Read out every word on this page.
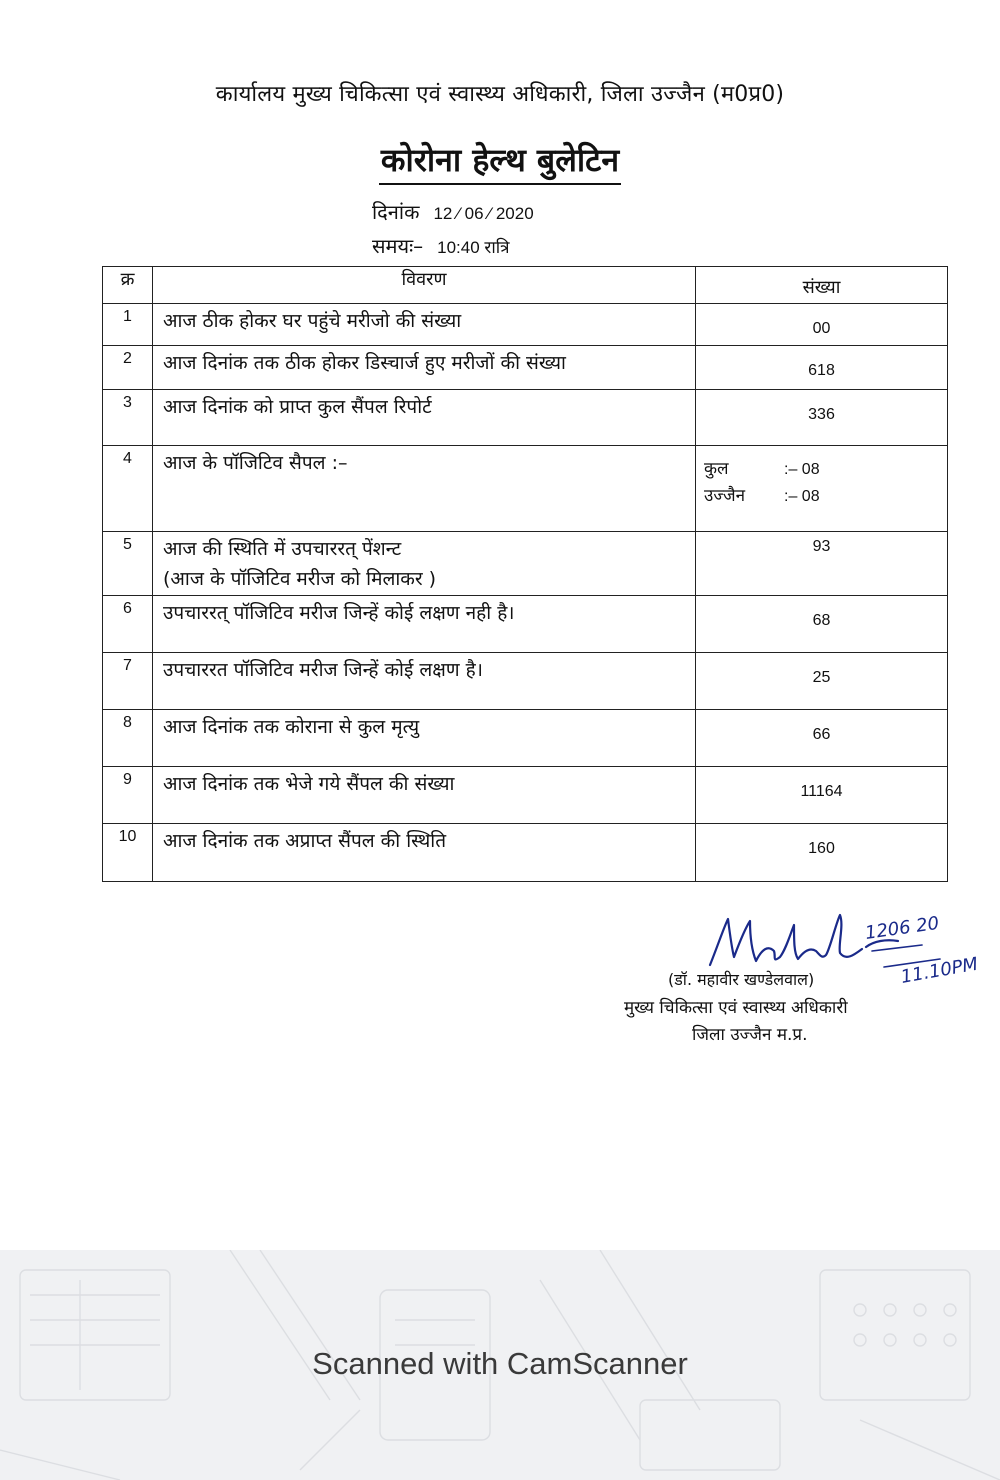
कार्यालय मुख्य चिकित्सा एवं स्वास्थ्य अधिकारी, जिला उज्जैन (म0प्र0)
कोरोना हेल्थ बुलेटिन
दिनांक 12 ⁄ 06 ⁄ 2020
समयः– 10:40 रात्रि
क्र	विवरण	संख्या
1	आज ठीक होकर घर पहुंचे मरीजो की संख्या	00
2	आज दिनांक तक ठीक होकर डिस्चार्ज हुए मरीजों की संख्या	618
3	आज दिनांक को प्राप्त कुल सैंपल रिपोर्ट	336
4	आज के पॉजिटिव सैपल :–	कुल :– 08
उज्जैन :– 08

5	आज की स्थिति में उपचाररत् पेंशन्ट
(आज के पॉजिटिव मरीज को मिलाकर )	93
6	उपचाररत् पॉजिटिव मरीज जिन्हें कोई लक्षण नही है।	68
7	उपचाररत पॉजिटिव मरीज जिन्हें कोई लक्षण है।	25
8	आज दिनांक तक कोराना से कुल मृत्यु	66
9	आज दिनांक तक भेजे गये सैंपल की संख्या	11164
10	आज दिनांक तक अप्राप्त सैंपल की स्थिति	160
1206 20
11.10PM
(डॉ. महावीर खण्डेलवाल)
मुख्य चिकित्सा एवं स्वास्थ्य अधिकारी
जिला उज्जैन म.प्र.
Scanned with CamScanner
